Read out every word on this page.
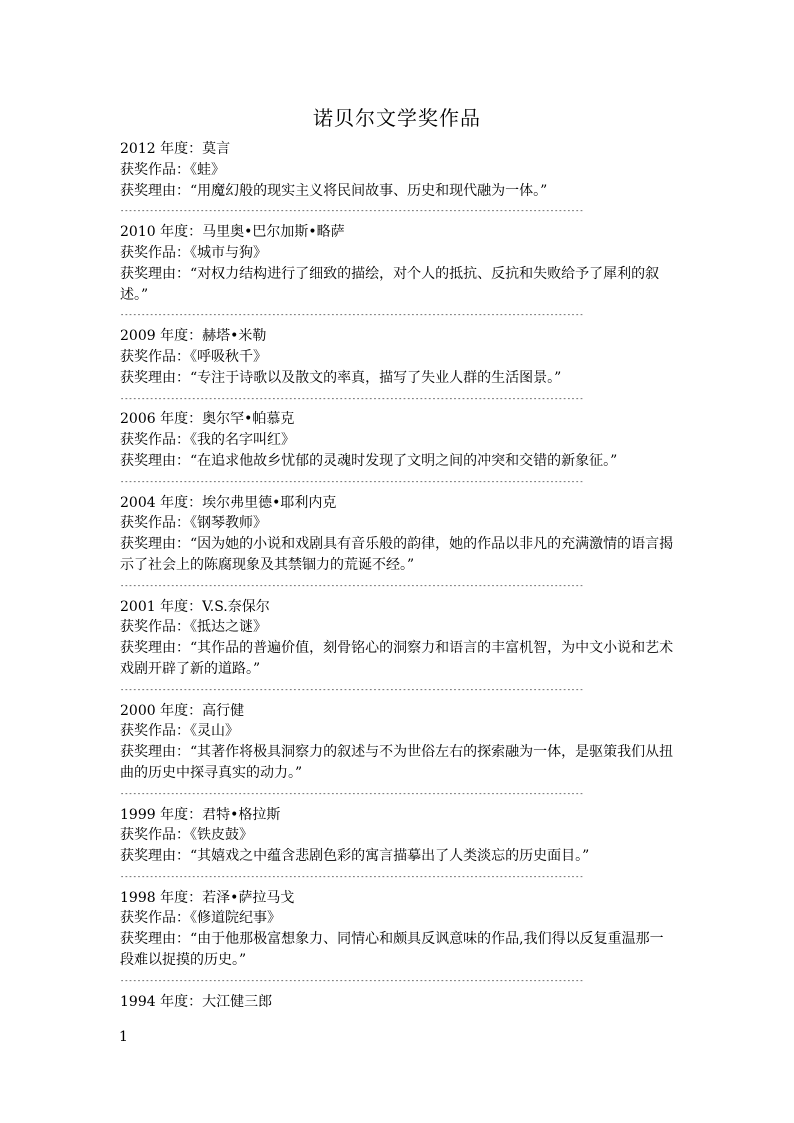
诺贝尔文学奖作品
2012 年度：莫言
获奖作品：《蛙》
获奖理由：“用魔幻般的现实主义将民间故事、历史和现代融为一体。”
--------------------------------------------------------------------------------------------------------------
2010 年度：马里奥•巴尔加斯•略萨
获奖作品：《城市与狗》
获奖理由：“对权力结构进行了细致的描绘，对个人的抵抗、反抗和失败给予了犀利的叙述。”
--------------------------------------------------------------------------------------------------------------
2009 年度：赫塔•米勒
获奖作品：《呼吸秋千》
获奖理由：“专注于诗歌以及散文的率真，描写了失业人群的生活图景。”
--------------------------------------------------------------------------------------------------------------
2006 年度：奥尔罕•帕慕克
获奖作品：《我的名字叫红》
获奖理由：“在追求他故乡忧郁的灵魂时发现了文明之间的冲突和交错的新象征。”
--------------------------------------------------------------------------------------------------------------
2004 年度：埃尔弗里德•耶利内克
获奖作品：《钢琴教师》
获奖理由：“因为她的小说和戏剧具有音乐般的韵律，她的作品以非凡的充满激情的语言揭示了社会上的陈腐现象及其禁锢力的荒诞不经。”
--------------------------------------------------------------------------------------------------------------
2001 年度：V.S.奈保尔
获奖作品：《抵达之谜》
获奖理由：“其作品的普遍价值，刻骨铭心的洞察力和语言的丰富机智，为中文小说和艺术戏剧开辟了新的道路。”
--------------------------------------------------------------------------------------------------------------
2000 年度：高行健
获奖作品：《灵山》
获奖理由：“其著作将极具洞察力的叙述与不为世俗左右的探索融为一体，是驱策我们从扭曲的历史中探寻真实的动力。”
--------------------------------------------------------------------------------------------------------------
1999 年度：君特•格拉斯
获奖作品：《铁皮鼓》
获奖理由：“其嬉戏之中蕴含悲剧色彩的寓言描摹出了人类淡忘的历史面目。”
--------------------------------------------------------------------------------------------------------------
1998 年度：若泽•萨拉马戈
获奖作品：《修道院纪事》
获奖理由：“由于他那极富想象力、同情心和颇具反讽意味的作品,我们得以反复重温那一段难以捉摸的历史。”
--------------------------------------------------------------------------------------------------------------
1994 年度：大江健三郎
1
